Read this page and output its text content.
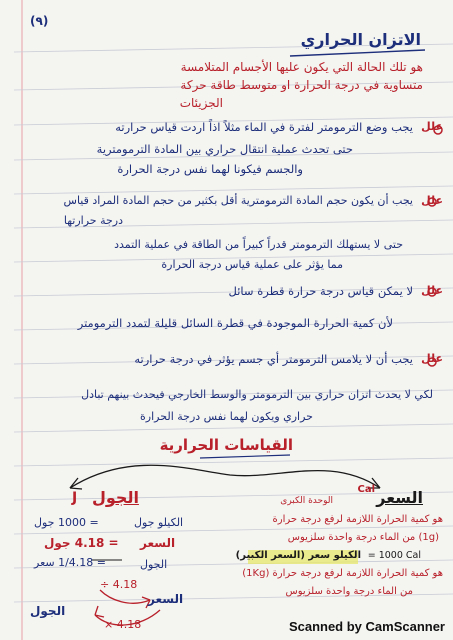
(٩)
الاتزان الحراري
هو تلك الحالة التي يكون عليها الأجسام المتلامسة
متساوية في درجة الحرارة او متوسط طاقة حركة
الجزيئات
علل
يجب وضع الترمومتر لفترة في الماء مثلاً اذاً اردت قياس حرارته
حتى تحدث عملية انتقال حراري بين المادة الترمومترية
والجسم فيكونا لهما نفس درجة الحرارة
علل
يجب أن يكون حجم المادة الترمومترية أقل بكثير من حجم المادة المراد قياس
درجة حرارتها
حتى لا يستهلك الترمومتر قدراً كبيراً من الطاقة في عملية التمدد
مما يؤثر على عملية قياس درجة الحرارة
علل
لا يمكن قياس درجة حرارة قطرة سائل
لأن كمية الحرارة الموجودة في قطرة السائل قليلة لتمدد الترمومتر
علل
يجب أن لا يلامس الترمومتر أي جسم يؤثر في درجة حرارته
لكي لا يحدث اتزان حراري بين الترمومتر والوسط الخارجي فيحدث بينهم تبادل
حراري ويكون لهما نفس درجة الحرارة
القياسات الحرارية
الجول
J	السعر
Cal
الوحدة الكبرى
هو كمية الحرارة اللازمة لرفع درجة حرارة
(1g) من الماء درجة واحدة سلزيوس
الكيلو سعر (السعر الكبير) = 1000 Cal
هو كمية الحرارة اللازمة لرفع درجة حرارة (1Kg)
من الماء درجة واحدة سلزيوس
الكيلو جول
= 1000 جول
السعر
= 4.18 جول
الجول
= 1/4.18 سعر
السعر
الجول
÷ 4.18
× 4.18	Scanned by CamScanner
